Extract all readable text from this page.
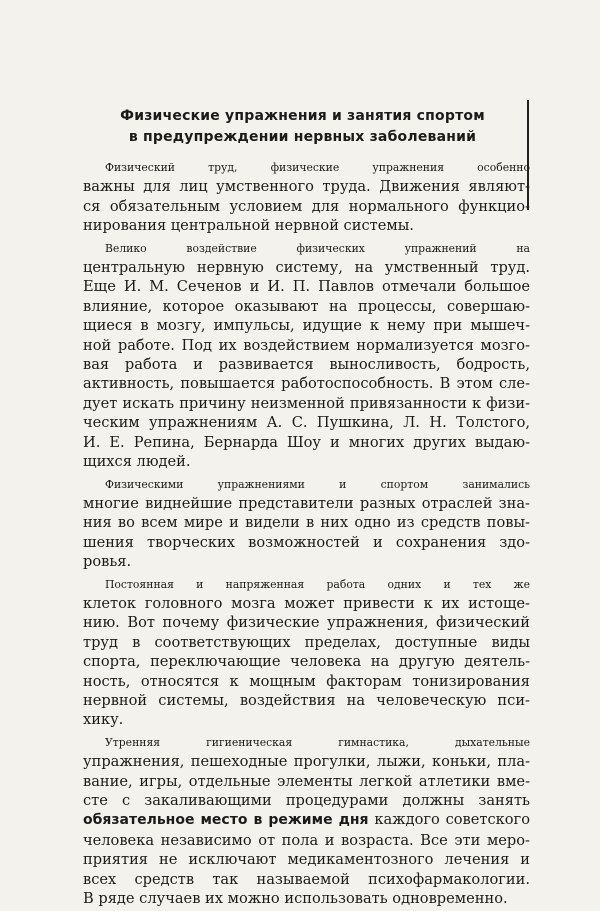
Физические упражнения и занятия спортом
в предупреждении нервных заболеваний

Физический труд, физические упражнения особенно
важны для лиц умственного труда. Движения являют-
ся обязательным условием для нормального функцио-
нирования центральной нервной системы.

Велико воздействие физических упражнений на
центральную нервную систему, на умственный труд.
Еще И. М. Сеченов и И. П. Павлов отмечали большое
влияние, которое оказывают на процессы, совершаю-
щиеся в мозгу, импульсы, идущие к нему при мышеч-
ной работе. Под их воздействием нормализуется мозго-
вая работа и развивается выносливость, бодрость,
активность, повышается работоспособность. В этом сле-
дует искать причину неизменной привязанности к физи-
ческим упражнениям А. С. Пушкина, Л. Н. Толстого,
И. Е. Репина, Бернарда Шоу и многих других выдаю-
щихся людей.

Физическими упражнениями и спортом занимались
многие виднейшие представители разных отраслей зна-
ния во всем мире и видели в них одно из средств повы-
шения творческих возможностей и сохранения здо-
ровья.

Постоянная и напряженная работа одних и тех же
клеток головного мозга может привести к их истоще-
нию. Вот почему физические упражнения, физический
труд в соответствующих пределах, доступные виды
спорта, переключающие человека на другую деятель-
ность, относятся к мощным факторам тонизирования
нервной системы, воздействия на человеческую пси-
хику.

Утренняя гигиеническая гимнастика, дыхательные
упражнения, пешеходные прогулки, лыжи, коньки, пла-
вание, игры, отдельные элементы легкой атлетики вме-
сте с закаливающими процедурами должны занять
обязательное место в режиме дня каждого советского
человека независимо от пола и возраста. Все эти меро-
приятия не исключают медикаментозного лечения и
всех средств так называемой психофармакологии.
В ряде случаев их можно использовать одновременно.
